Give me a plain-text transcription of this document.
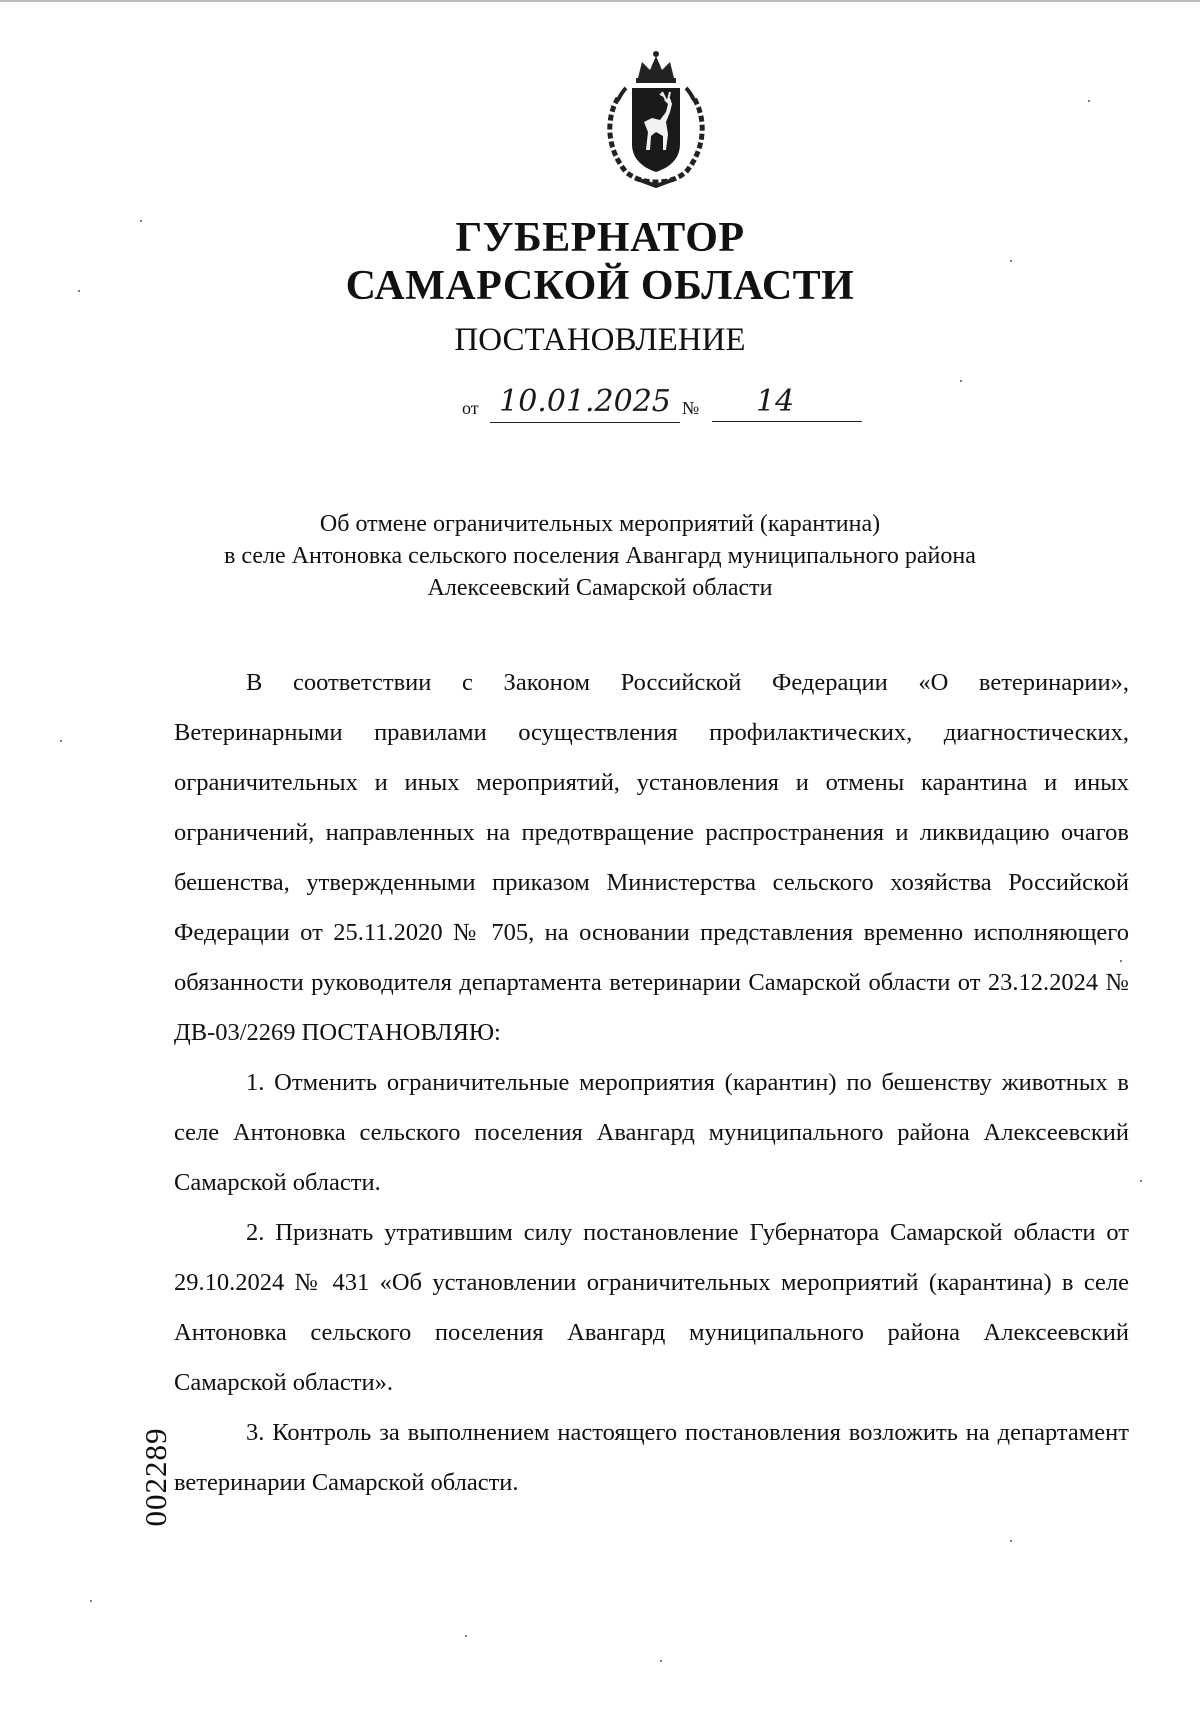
ГУБЕРНАТОР
САМАРСКОЙ ОБЛАСТИ
ПОСТАНОВЛЕНИЕ
от 10.01.2025 №	14
Об отмене ограничительных мероприятий (карантина)
в селе Антоновка сельского поселения Авангард муниципального района
Алексеевский Самарской области

В соответствии с Законом Российской Федерации «О ветеринарии», Ветеринарными правилами осуществления профилактических, диагностических, ограничительных и иных мероприятий, установления и отмены карантина и иных ограничений, направленных на предотвращение распространения и ликвидацию очагов бешенства, утвержденными приказом Министерства сельского хозяйства Российской Федерации от 25.11.2020 № 705, на основании представления временно исполняющего обязанности руководителя департамента ветеринарии Самарской области от 23.12.2024 № ДВ-03/2269 ПОСТАНОВЛЯЮ:

1. Отменить ограничительные мероприятия (карантин) по бешенству животных в селе Антоновка сельского поселения Авангард муниципального района Алексеевский Самарской области.

2. Признать утратившим силу постановление Губернатора Самарской области от 29.10.2024 № 431 «Об установлении ограничительных мероприятий (карантина) в селе Антоновка сельского поселения Авангард муниципального района Алексеевский Самарской области».

3. Контроль за выполнением настоящего постановления возложить на департамент ветеринарии Самарской области.

002289
